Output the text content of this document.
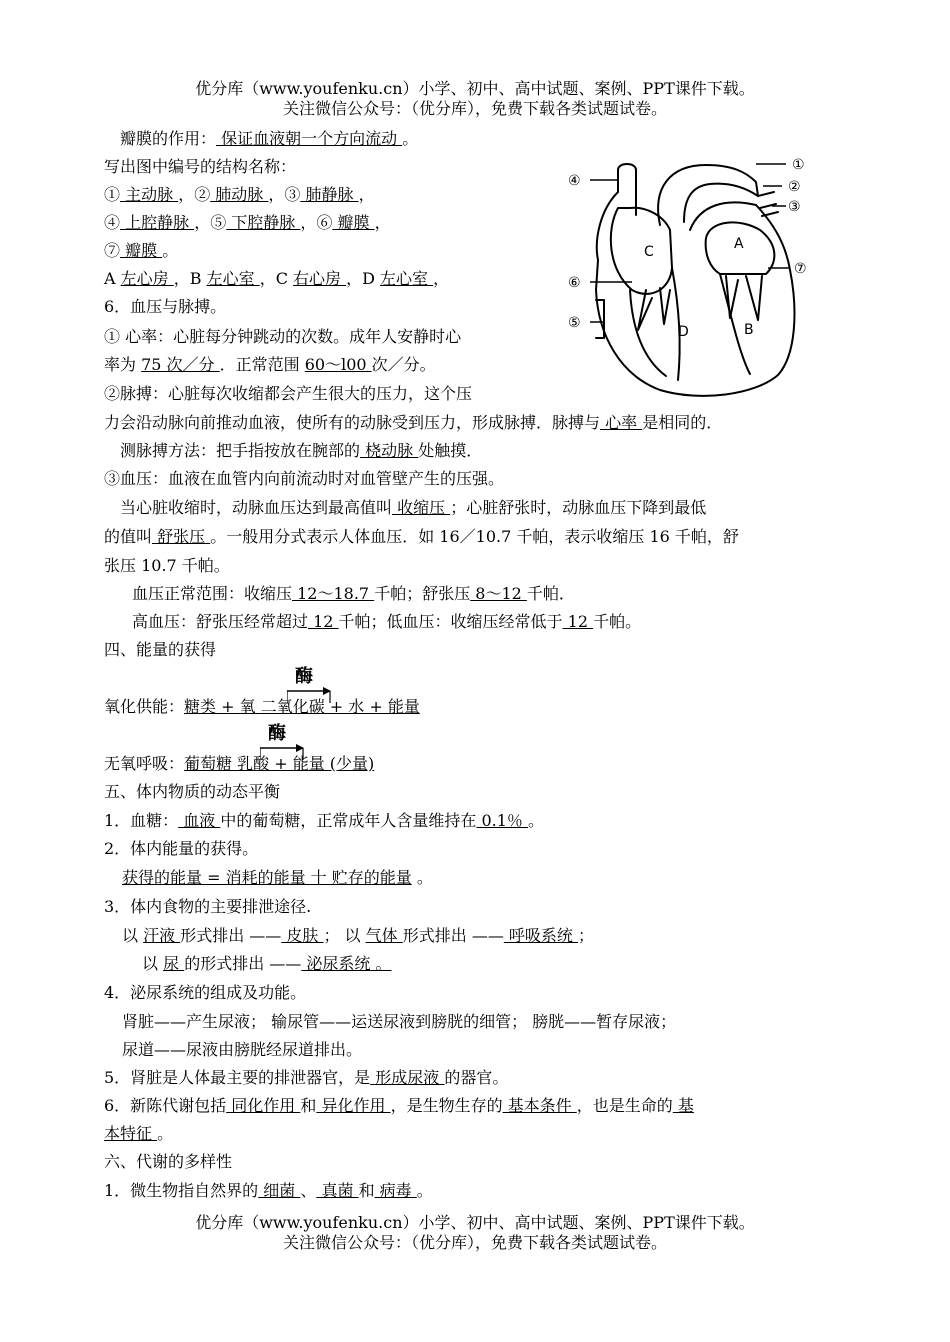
优分库（www.youfenku.cn）小学、初中、高中试题、案例、PPT课件下载。
关注微信公众号：（优分库），免费下载各类试题试卷。
瓣膜的作用： 保证血液朝一个方向流动 。
写出图中编号的结构名称：
① 主动脉 ，② 肺动脉 ，③ 肺静脉 ，
④ 上腔静脉 ，⑤ 下腔静脉 ，⑥ 瓣膜 ，
⑦ 瓣膜 。
A 左心房 ，B 左心室 ，C 右心房 ，D 左心室 ，
6．血压与脉搏。
① 心率：心脏每分钟跳动的次数。成年人安静时心
率为 75 次／分 ．正常范围 60～l00 次／分。
②脉搏：心脏每次收缩都会产生很大的压力，这个压
力会沿动脉向前推动血液，使所有的动脉受到压力，形成脉搏．脉搏与 心率 是相同的．
测脉搏方法：把手指按放在腕部的 桡动脉 处触摸．
③血压：血液在血管内向前流动时对血管壁产生的压强。
当心脏收缩时，动脉血压达到最高值叫 收缩压 ；心脏舒张时，动脉血压下降到最低
的值叫 舒张压 。一般用分式表示人体血压．如 16／10.7 千帕，表示收缩压 16 千帕，舒
张压 10.7 千帕。
血压正常范围：收缩压 12～18.7 千帕；舒张压 8～12 千帕．
高血压：舒张压经常超过 12 千帕；低血压：收缩压经常低于 12 千帕。
四、能量的获得
酶
氧化供能：糖类 + 氧 二氧化碳 + 水 + 能量
酶
无氧呼吸：葡萄糖 乳酸 + 能量 (少量)
五、体内物质的动态平衡
1．血糖： 血液 中的葡萄糖，正常成年人含量维持在 0.1％ 。
2．体内能量的获得。
获得的能量 = 消耗的能量 十 贮存的能量 。
3．体内食物的主要排泄途径.
以 汗液 形式排出 —— 皮肤 ； 以 气体 形式排出 —— 呼吸系统 ；
以 尿 的形式排出 —— 泌尿系统 。
4．泌尿系统的组成及功能。
肾脏——产生尿液； 输尿管——运送尿液到膀胱的细管； 膀胱——暂存尿液；
尿道——尿液由膀胱经尿道排出。
5．肾脏是人体最主要的排泄器官，是 形成尿液 的器官。
6．新陈代谢包括 同化作用 和 异化作用 ，是生物生存的 基本条件 ，也是生命的 基
本特征 。
六、代谢的多样性
1．微生物指自然界的 细菌 、 真菌 和 病毒 。
优分库（www.youfenku.cn）小学、初中、高中试题、案例、PPT课件下载。
关注微信公众号：（优分库），免费下载各类试题试卷。
①
②
③
④
⑤
⑥
⑦
A
B
C
D
